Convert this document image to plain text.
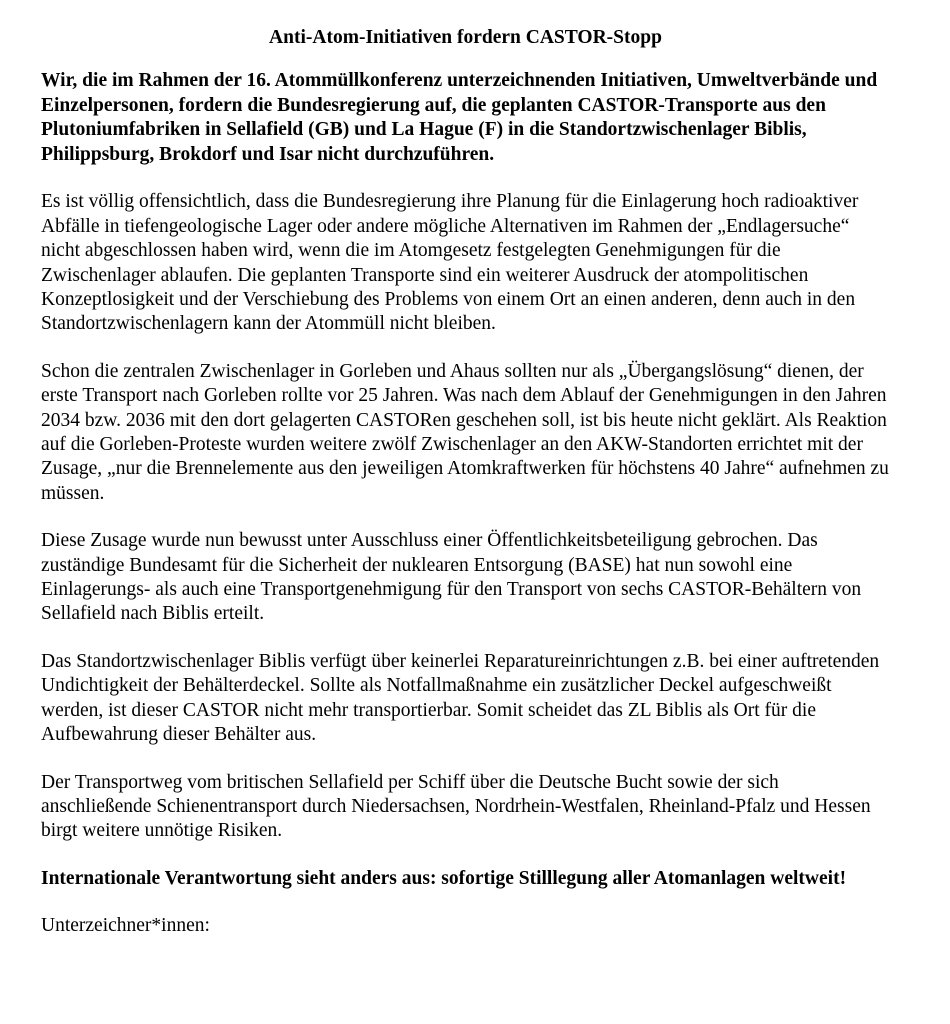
Anti-Atom-Initiativen fordern CASTOR-Stopp

Wir, die im Rahmen der 16. Atommüllkonferenz unterzeichnenden Initiativen, Umweltverbände und Einzelpersonen, fordern die Bundesregierung auf, die geplanten CASTOR-Transporte aus den Plutoniumfabriken in Sellafield (GB) und La Hague (F) in die Standortzwischenlager Biblis, Philippsburg, Brokdorf und Isar nicht durchzuführen.

Es ist völlig offensichtlich, dass die Bundesregierung ihre Planung für die Einlagerung hoch radioaktiver Abfälle in tiefengeologische Lager oder andere mögliche Alternativen im Rahmen der „Endlagersuche“ nicht abgeschlossen haben wird, wenn die im Atomgesetz festgelegten Genehmigungen für die Zwischenlager ablaufen. Die geplanten Transporte sind ein weiterer Ausdruck der atompolitischen Konzeptlosigkeit und der Verschiebung des Problems von einem Ort an einen anderen, denn auch in den Standortzwischenlagern kann der Atommüll nicht bleiben.

Schon die zentralen Zwischenlager in Gorleben und Ahaus sollten nur als „Übergangslösung“ dienen, der erste Transport nach Gorleben rollte vor 25 Jahren. Was nach dem Ablauf der Genehmigungen in den Jahren 2034 bzw. 2036 mit den dort gelagerten CASTORen geschehen soll, ist bis heute nicht geklärt. Als Reaktion auf die Gorleben-Proteste wurden weitere zwölf Zwischenlager an den AKW-Standorten errichtet mit der Zusage, „nur die Brennelemente aus den jeweiligen Atomkraftwerken für höchstens 40 Jahre“ aufnehmen zu müssen.

Diese Zusage wurde nun bewusst unter Ausschluss einer Öffentlichkeitsbeteiligung gebrochen. Das zuständige Bundesamt für die Sicherheit der nuklearen Entsorgung (BASE) hat nun sowohl eine Einlagerungs- als auch eine Transportgenehmigung für den Transport von sechs CASTOR-Behältern von Sellafield nach Biblis erteilt.

Das Standortzwischenlager Biblis verfügt über keinerlei Reparatureinrichtungen z.B. bei einer auftretenden Undichtigkeit der Behälterdeckel. Sollte als Notfallmaßnahme ein zusätzlicher Deckel aufgeschweißt werden, ist dieser CASTOR nicht mehr transportierbar. Somit scheidet das ZL Biblis als Ort für die Aufbewahrung dieser Behälter aus.

Der Transportweg vom britischen Sellafield per Schiff über die Deutsche Bucht sowie der sich anschließende Schienentransport durch Niedersachsen, Nordrhein-Westfalen, Rheinland-Pfalz und Hessen birgt weitere unnötige Risiken.

Internationale Verantwortung sieht anders aus: sofortige Stilllegung aller Atomanlagen weltweit!

Unterzeichner*innen:
